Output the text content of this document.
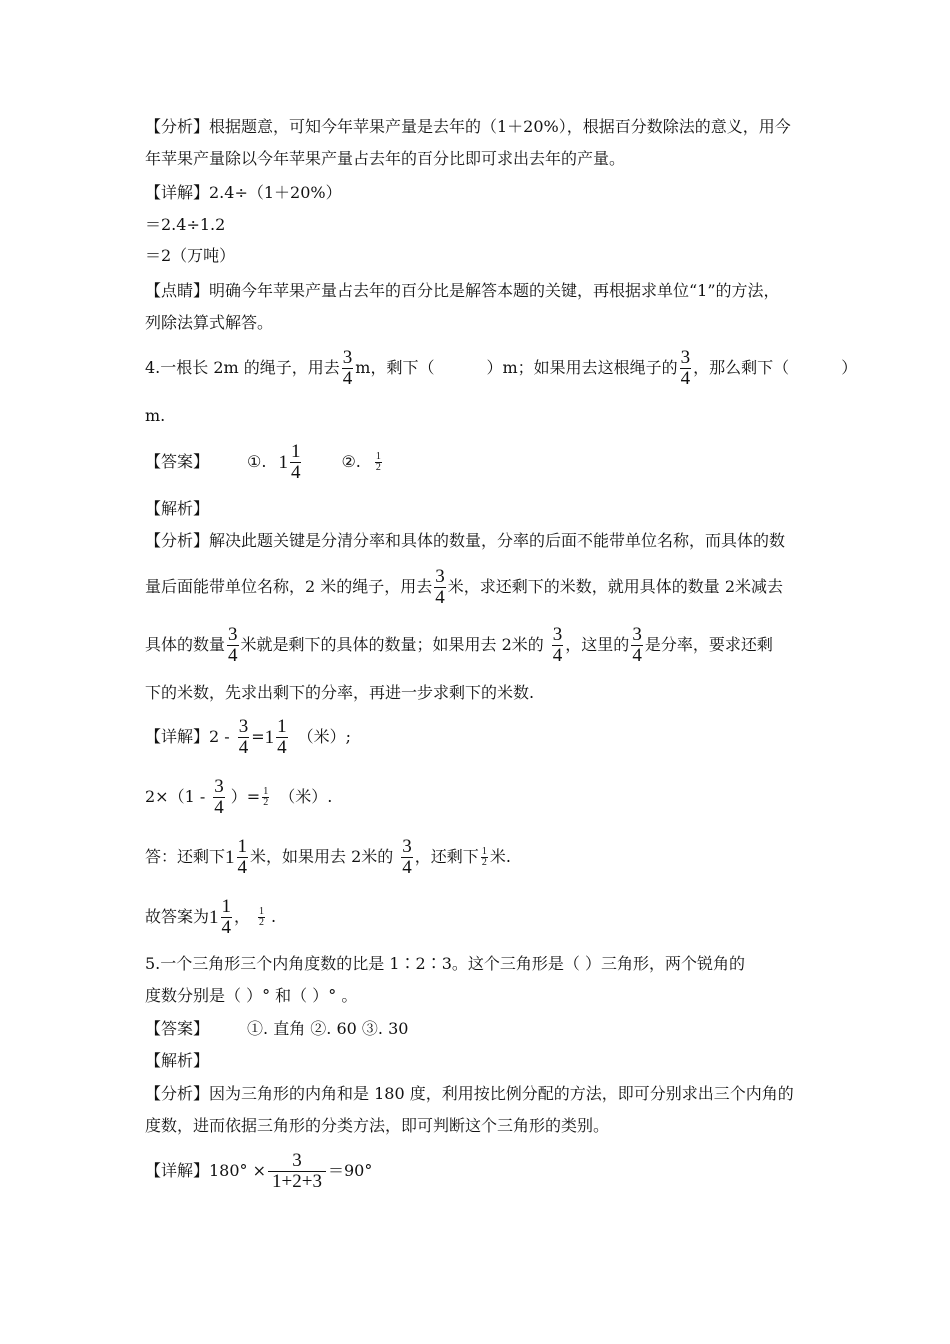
【分析】根据题意，可知今年苹果产量是去年的（1＋20%），根据百分数除法的意义，用今
年苹果产量除以今年苹果产量占去年的百分比即可求出去年的产量。
【详解】2.4÷（1＋20%）
＝2.4÷1.2
＝2（万吨）
【点睛】明确今年苹果产量占去年的百分比是解答本题的关键，再根据求单位“1”的方法，
列除法算式解答。
4.一根长 2m 的绳子，用去 $\frac{3}{4}$ m，剩下（	）m；如果用去这根绳子的 $\frac{3}{4}$ ，那么剩下（	）
m.
【答案】 ①. $1 \frac{1}{4}$	②. $\frac{1}{2}$
【解析】
【分析】解决此题关键是分清分率和具体的数量，分率的后面不能带单位名称，而具体的数
量后面能带单位名称，2 米的绳子，用去 $\frac{3}{4}$ 米，求还剩下的米数，就用具体的数量 2米减去
具体的数量 $\frac{3}{4}$ 米就是剩下的具体的数量；如果用去 2米的 $\frac{3}{4}$ ，这里的 $\frac{3}{4}$ 是分率，要求还剩
下的米数，先求出剩下的分率，再进一步求剩下的米数.
【详解】$2 - \frac{3}{4} = 1 \frac{1}{4}$ （米）;
$2\times(1 - \frac{3}{4}$ ）= $\frac{1}{2}$ （米）.
答：还剩下 $1 \frac{1}{4}$ 米，如果用去 2米的 $\frac{3}{4}$ ，还剩下 $\frac{1}{2}$ 米.
故答案为 $1 \frac{1}{4}$ ， $\frac{1}{2}$ .
5.一个三角形三个内角度数的比是 1∶2∶3。这个三角形是（ ）三角形，两个锐角的
度数分别是（ ）° 和（ ）° 。
【答案】 ①. 直角 ②. 60 ③. 30
【解析】
【分析】因为三角形的内角和是 180 度，利用按比例分配的方法，即可分别求出三个内角的
度数，进而依据三角形的分类方法，即可判断这个三角形的类别。
【详解】$180^\circ \times \frac{3}{1+2+3} =90^\circ$
